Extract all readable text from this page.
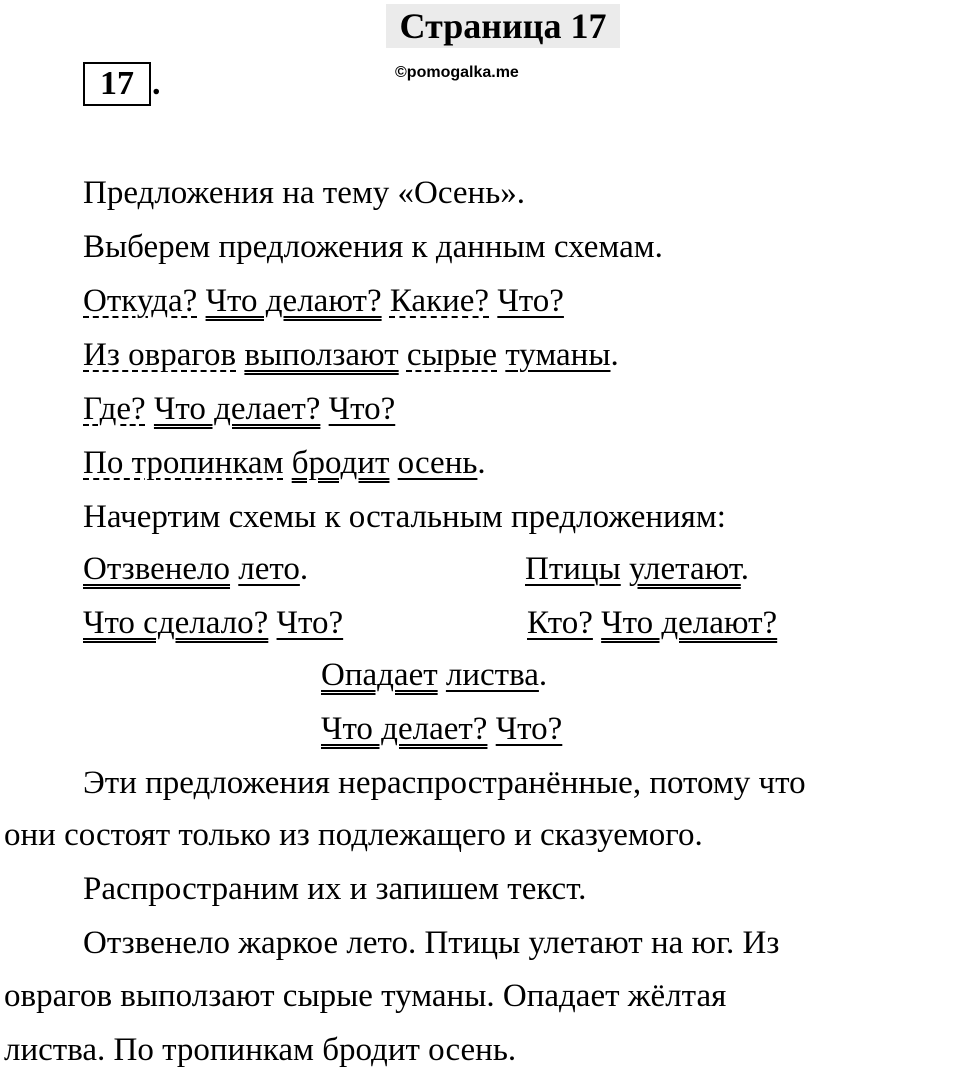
Страница 17
17 .	©pomogalka.me
Предложения на тему «Осень».
Выберем предложения к данным схемам.
Откуда? Что делают? Какие? Что?
Из оврагов выползают сырые туманы.
Где? Что делает? Что?
По тропинкам бродит осень.
Начертим схемы к остальным предложениям:
Отзвенело лето.	Птицы улетают.
Что сделало? Что?	Кто? Что делают?
Опадает листва.
Что делает? Что?
Эти предложения нераспространённые, потому что
они состоят только из подлежащего и сказуемого.
Распространим их и запишем текст.
Отзвенело жаркое лето. Птицы улетают на юг. Из
оврагов выползают сырые туманы. Опадает жёлтая
листва. По тропинкам бродит осень.
